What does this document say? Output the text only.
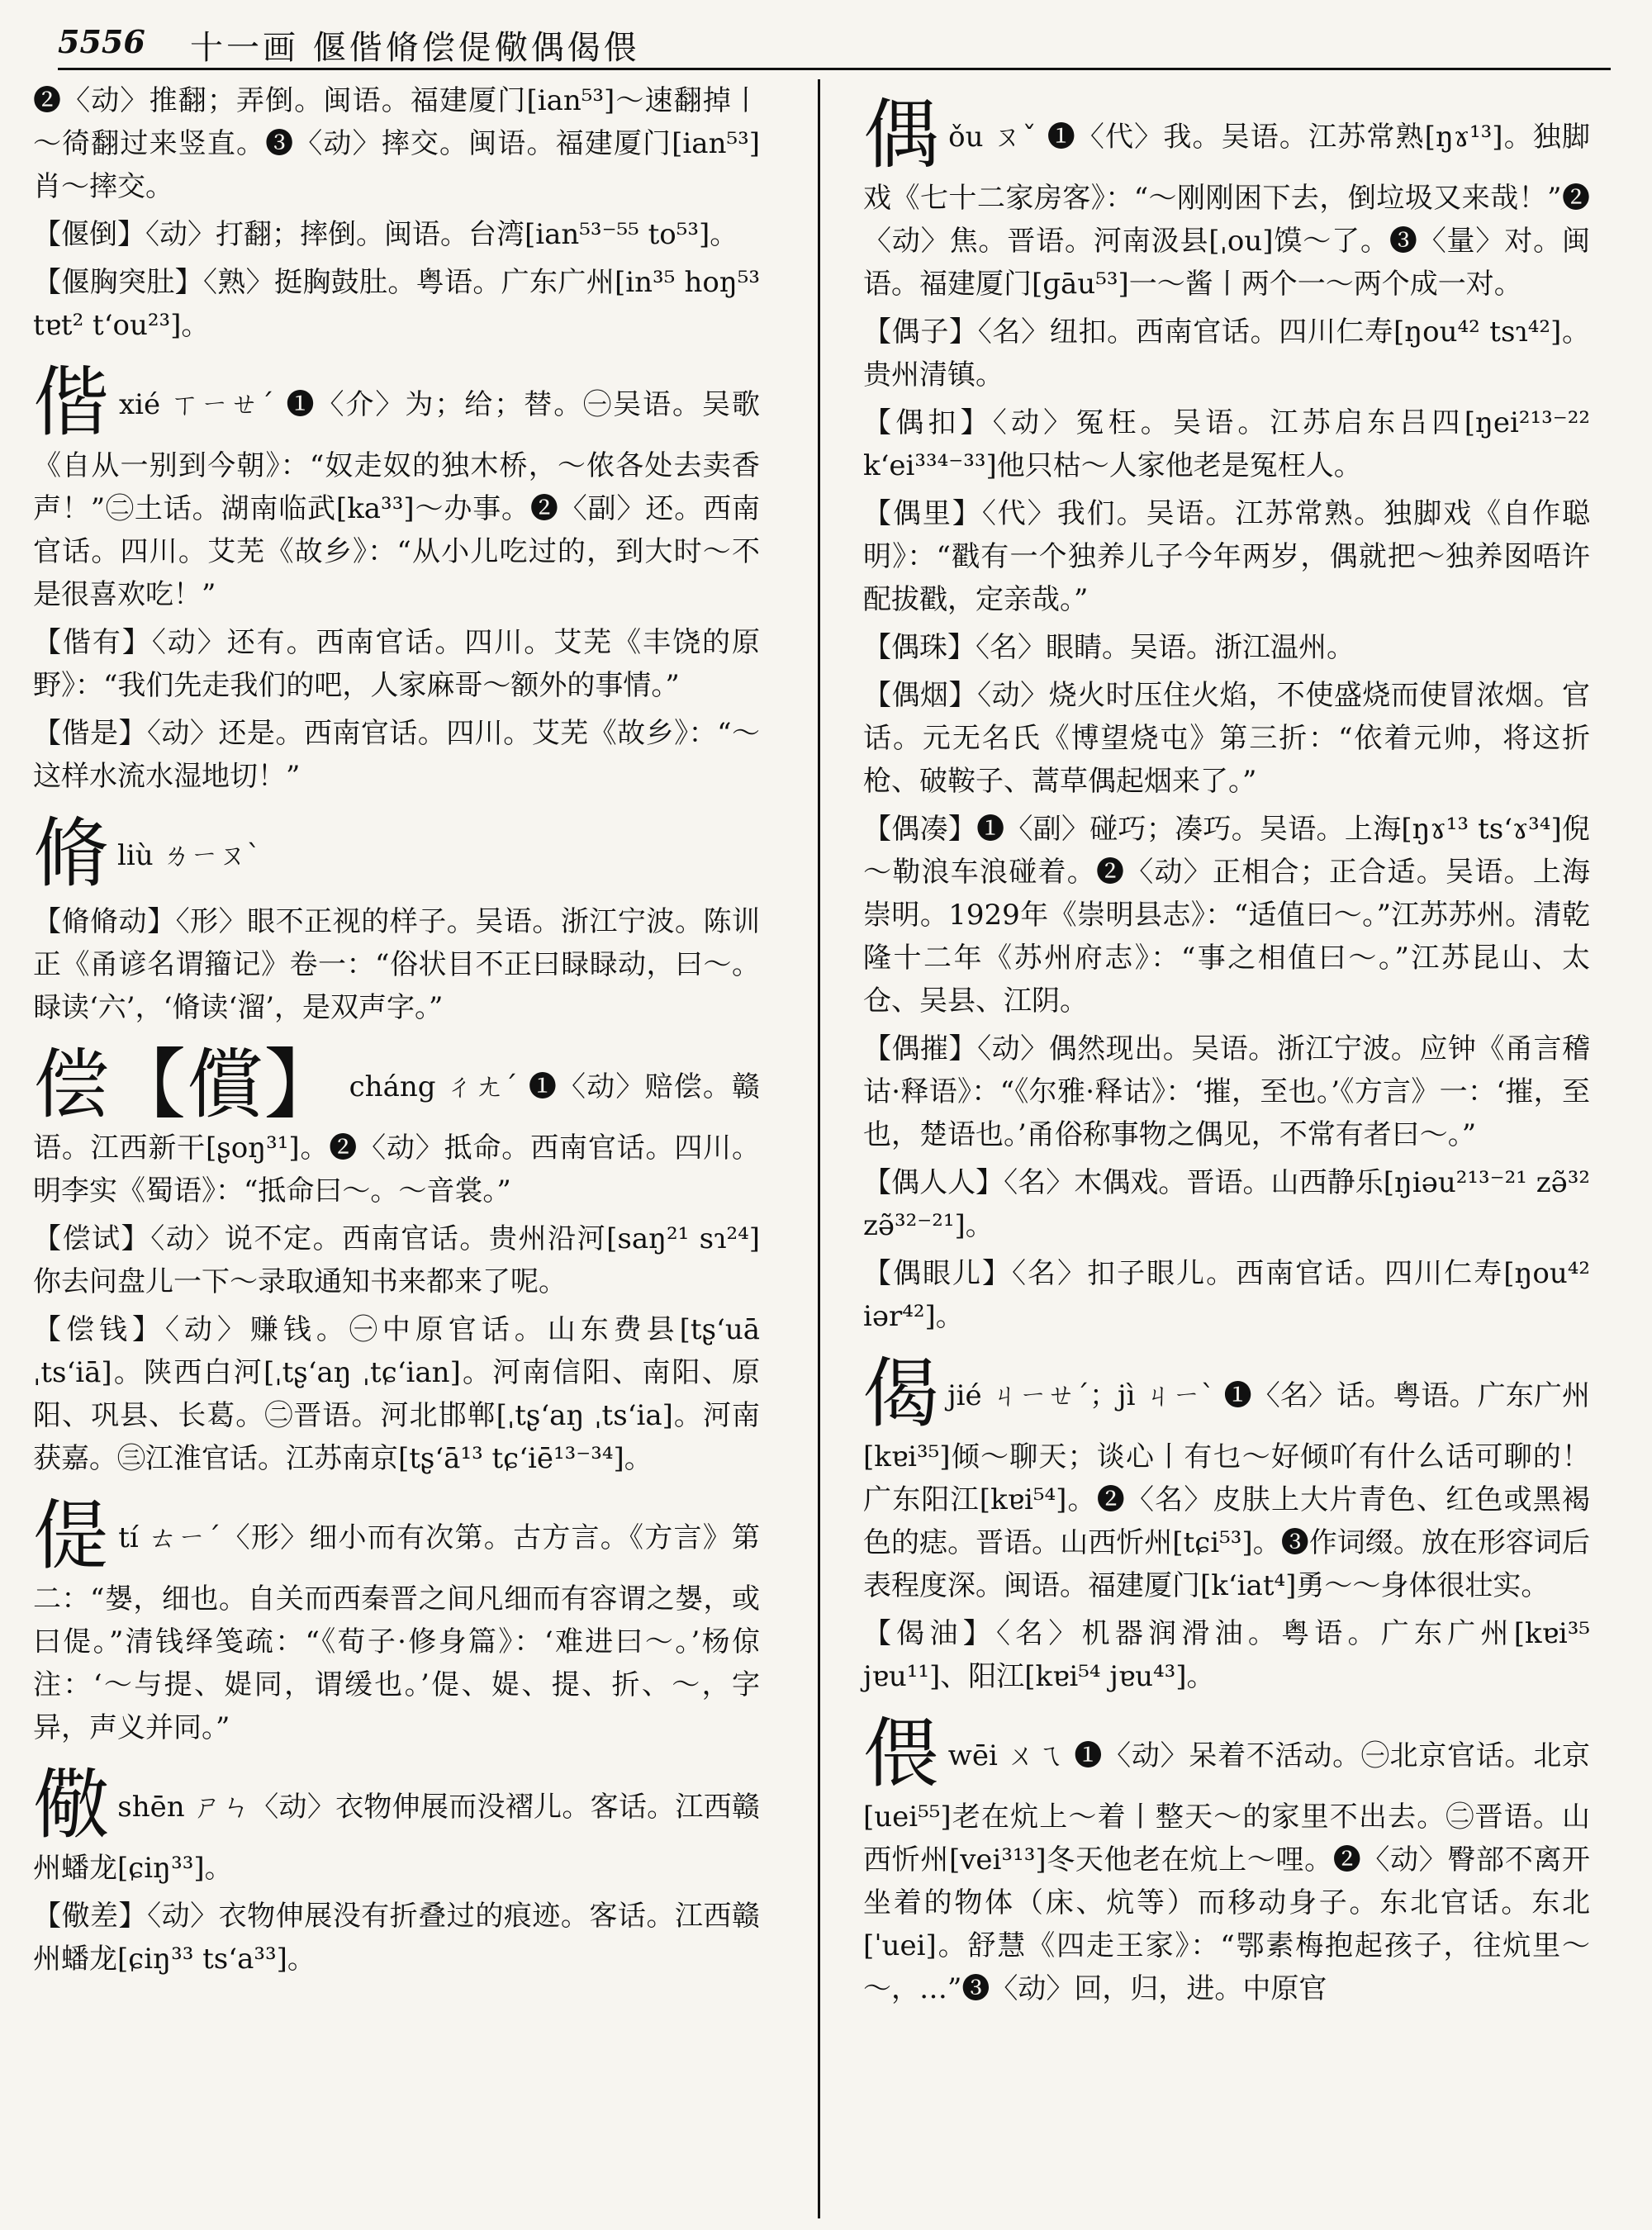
5556 十一画 偃偕脩偿偍儆偶偈偎
❷〈动〉推翻；弄倒。闽语。福建厦门[ian⁵³]～速翻掉丨～徛翻过来竖直。❸〈动〉摔交。闽语。福建厦门[ian⁵³]肖～摔交。
【偃倒】〈动〉打翻；摔倒。闽语。台湾[ian⁵³⁻⁵⁵ to⁵³]。
【偃胸突肚】〈熟〉挺胸鼓肚。粤语。广东广州[in³⁵ hoŋ⁵³ tɐt² tʻou²³]。
偕xié ㄒㄧㄝˊ ❶〈介〉为；给；替。㊀吴语。吴歌《自从一别到今朝》：“奴走奴的独木桥，～侬各处去卖香声！”㊁土话。湖南临武[ka³³]～办事。❷〈副〉还。西南官话。四川。艾芜《故乡》：“从小儿吃过的，到大时～不是很喜欢吃！”
【偕有】〈动〉还有。西南官话。四川。艾芜《丰饶的原野》：“我们先走我们的吧，人家麻哥～额外的事情。”
【偕是】〈动〉还是。西南官话。四川。艾芜《故乡》：“～这样水流水湿地切！”
脩liù ㄌㄧㄡˋ
【脩脩动】〈形〉眼不正视的样子。吴语。浙江宁波。陈训正《甬谚名谓籀记》卷一：“俗状目不正曰睩睩动，曰～。睩读‘六’，‘脩读‘溜’，是双声字。”
偿【償】 cháng ㄔㄤˊ ❶〈动〉赔偿。赣语。江西新干[ʂoŋ³¹]。❷〈动〉抵命。西南官话。四川。明李实《蜀语》：“抵命曰～。～音裳。”
【偿试】〈动〉说不定。西南官话。贵州沿河[saŋ²¹ sɿ²⁴]你去问盘儿一下～录取通知书来都来了呢。
【偿钱】〈动〉赚钱。㊀中原官话。山东费县[tʂʻuā ˌtsʻiā]。陕西白河[ˌtʂʻaŋ ˌtɕʻian]。河南信阳、南阳、原阳、巩县、长葛。㊁晋语。河北邯郸[ˌtʂʻaŋ ˌtsʻia]。河南获嘉。㊂江淮官话。江苏南京[tʂʻā¹³ tɕʻiē¹³⁻³⁴]。
偍tí ㄊㄧˊ〈形〉细小而有次第。古方言。《方言》第二：“嫢，细也。自关而西秦晋之间凡细而有容谓之嫢，或曰偍。”清钱绎笺疏：“《荀子·修身篇》：‘难进曰～。’杨倞注：‘～与提、媞同，谓缓也。’偍、媞、提、折、～，字异，声义并同。”
儆shēn ㄕㄣ〈动〉衣物伸展而没褶儿。客话。江西赣州蟠龙[ɕiŋ³³]。
【儆差】〈动〉衣物伸展没有折叠过的痕迹。客话。江西赣州蟠龙[ɕiŋ³³ tsʻa³³]。
偶ǒu ㄡˇ ❶〈代〉我。吴语。江苏常熟[ŋɤ¹³]。独脚戏《七十二家房客》：“～刚刚困下去，倒垃圾又来哉！”❷〈动〉焦。晋语。河南汲县[ˌou]馍～了。❸〈量〉对。闽语。福建厦门[ɡāu⁵³]一～酱丨两个一～两个成一对。
【偶子】〈名〉纽扣。西南官话。四川仁寿[ŋou⁴² tsɿ⁴²]。贵州清镇。
【偶扣】〈动〉冤枉。吴语。江苏启东吕四[ŋei²¹³⁻²² kʻei³³⁴⁻³³]他只枯～人家他老是冤枉人。
【偶里】〈代〉我们。吴语。江苏常熟。独脚戏《自作聪明》：“戳有一个独养儿子今年两岁，偶就把～独养囡唔许配拔戳，定亲哉。”
【偶珠】〈名〉眼睛。吴语。浙江温州。
【偶烟】〈动〉烧火时压住火焰，不使盛烧而使冒浓烟。官话。元无名氏《博望烧屯》第三折：“依着元帅，将这折枪、破鞍子、蒿草偶起烟来了。”
【偶凑】❶〈副〉碰巧；凑巧。吴语。上海[ŋɤ¹³ tsʻɤ³⁴]倪～勒浪车浪碰着。❷〈动〉正相合；正合适。吴语。上海崇明。1929年《崇明县志》：“适值曰～。”江苏苏州。清乾隆十二年《苏州府志》：“事之相值曰～。”江苏昆山、太仓、吴县、江阴。
【偶摧】〈动〉偶然现出。吴语。浙江宁波。应钟《甬言稽诂·释语》：“《尔雅·释诂》：‘摧，至也。’《方言》一：‘摧，至也，楚语也。’甬俗称事物之偶见，不常有者曰～。”
【偶人人】〈名〉木偶戏。晋语。山西静乐[ŋiəu²¹³⁻²¹ zə̃³² zə̃³²⁻²¹]。
【偶眼儿】〈名〉扣子眼儿。西南官话。四川仁寿[ŋou⁴² iər⁴²]。
偈jié ㄐㄧㄝˊ；jì ㄐㄧˋ ❶〈名〉话。粤语。广东广州[kɐi³⁵]倾～聊天；谈心丨有乜～好倾吖有什么话可聊的！广东阳江[kɐi⁵⁴]。❷〈名〉皮肤上大片青色、红色或黑褐色的痣。晋语。山西忻州[tɕi⁵³]。❸作词缀。放在形容词后表程度深。闽语。福建厦门[kʻiat⁴]勇～～身体很壮实。
【偈油】〈名〉机器润滑油。粤语。广东广州[kɐi³⁵ jɐu¹¹]、阳江[kɐi⁵⁴ jɐu⁴³]。
偎wēi ㄨㄟ ❶〈动〉呆着不活动。㊀北京官话。北京[uei⁵⁵]老在炕上～着丨整天～的家里不出去。㊁晋语。山西忻州[vei³¹³]冬天他老在炕上～哩。❷〈动〉臀部不离开坐着的物体（床、炕等）而移动身子。东北官话。东北[ˈuei]。舒慧《四走王家》：“鄂素梅抱起孩子，往炕里～～，…”❸〈动〉回，归，进。中原官
